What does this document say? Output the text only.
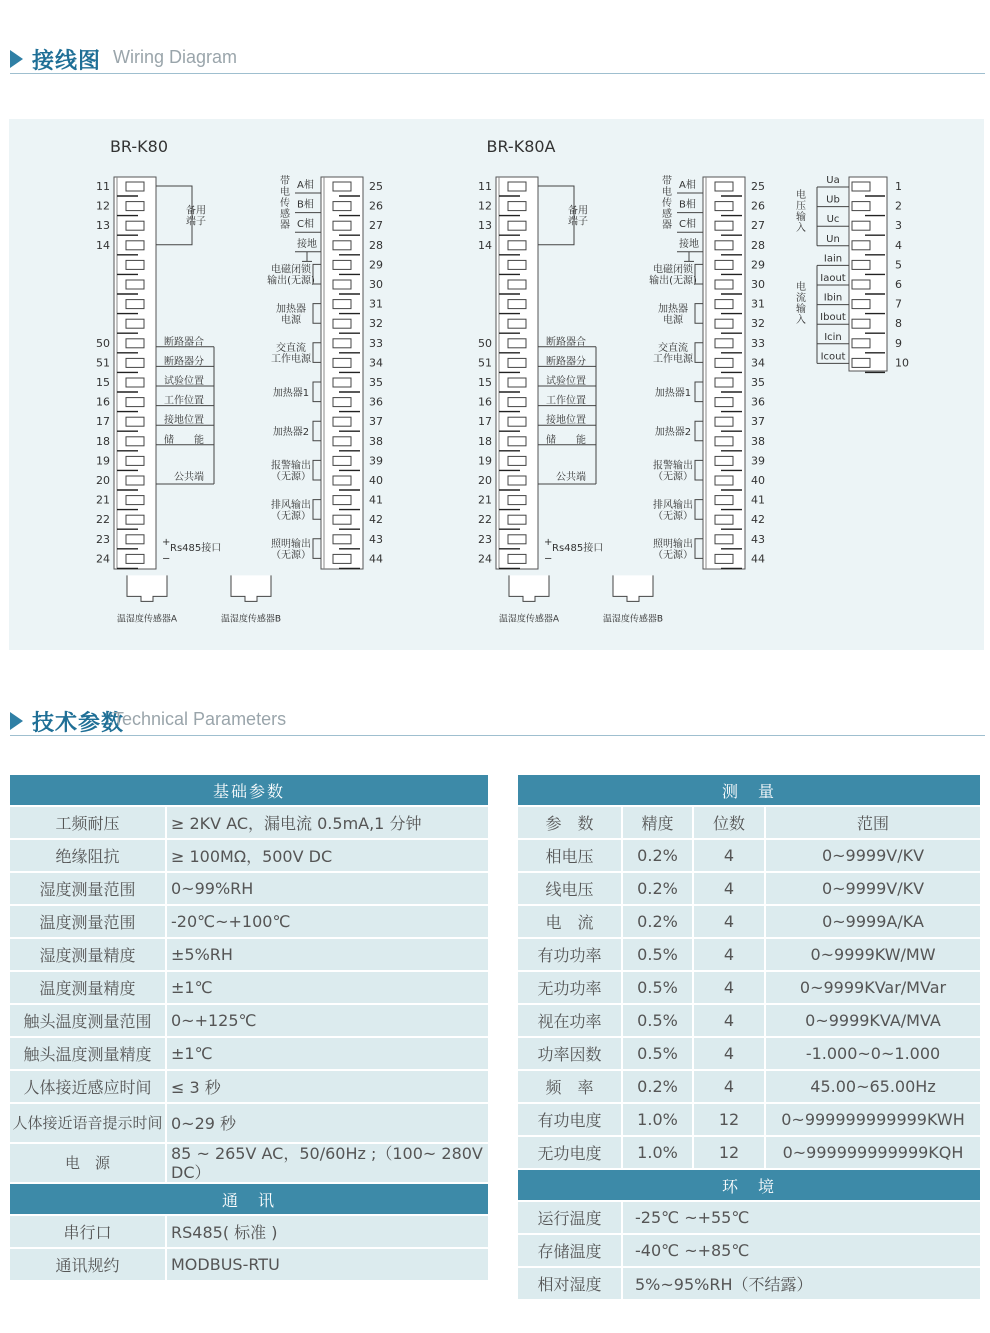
接线图 Wiring Diagram
BR-K80
11
12
13
14
50
51
15
16
17
18
19
20
21
22
23
24
备用
端子
断路器合
断路器分
试验位置
工作位置
接地位置
储　　能
公共端
+
−
Rs485接口
温湿度传感器A	温湿度传感器B
25
26
27
28
29
30
31
32
33
34
35
36
37
38
39
40
41
42
43
44
带
电
传
感
器
A相
B相
C相
接地
电磁闭锁
输出(无源)
加热器
电源
交直流
工作电源
加热器1
加热器2
报警输出
（无源）
排风输出
（无源）
照明输出
（无源）
BR-K80A
11
12
13
14
50
51
15
16
17
18
19
20
21
22
23
24
备用
端子
断路器合
断路器分
试验位置
工作位置
接地位置
储　　能
公共端
+
−
Rs485接口
温湿度传感器A	温湿度传感器B
25
26
27
28
29
30
31
32
33
34
35
36
37
38
39
40
41
42
43
44
带
电
传
感
器
A相
B相
C相
接地
电磁闭锁
输出(无源)
加热器
电源
交直流
工作电源
加热器1
加热器2
报警输出
（无源）
排风输出
（无源）
照明输出
（无源）
1
Ua
2
Ub
3
Uc
4
Un
5
Iain
6
Iaout
7
Ibin
8
Ibout
9
Icin
10
Icout
电
压
输
入
电
流
输
入
技术参数
Technical Parameters
基础参数	
工频耐压	≥ 2KV AC，漏电流 0.5mA,1 分钟
绝缘阻抗	≥ 100MΩ，500V DC
湿度测量范围	0~99%RH
温度测量范围	-20℃~+100℃
湿度测量精度	±5%RH
温度测量精度	±1℃
触头温度测量范围	0~+125℃
触头温度测量精度	±1℃
人体接近感应时间	≤ 3 秒
人体接近语音提示时间	0~29 秒
电　源	85 ~ 265V AC，50/60Hz ;（100~ 280V DC）
通　讯	
串行口	RS485( 标准 )
通讯规约	MODBUS-RTU
测　量			
参　数	精度	位数	范围
相电压	0.2%	4	0~9999V/KV
线电压	0.2%	4	0~9999V/KV
电　流	0.2%	4	0~9999A/KA
有功功率	0.5%	4	0~9999KW/MW
无功功率	0.5%	4	0~9999KVar/MVar
视在功率	0.5%	4	0~9999KVA/MVA
功率因数	0.5%	4	-1.000~0~1.000
频　率	0.2%	4	45.00~65.00Hz
有功电度	1.0%	12	0~999999999999KWH
无功电度	1.0%	12	0~999999999999KQH
环　境			
运行温度	-25℃ ~+55℃		
存储温度	-40℃ ~+85℃		
相对湿度	5%~95%RH（不结露）		
